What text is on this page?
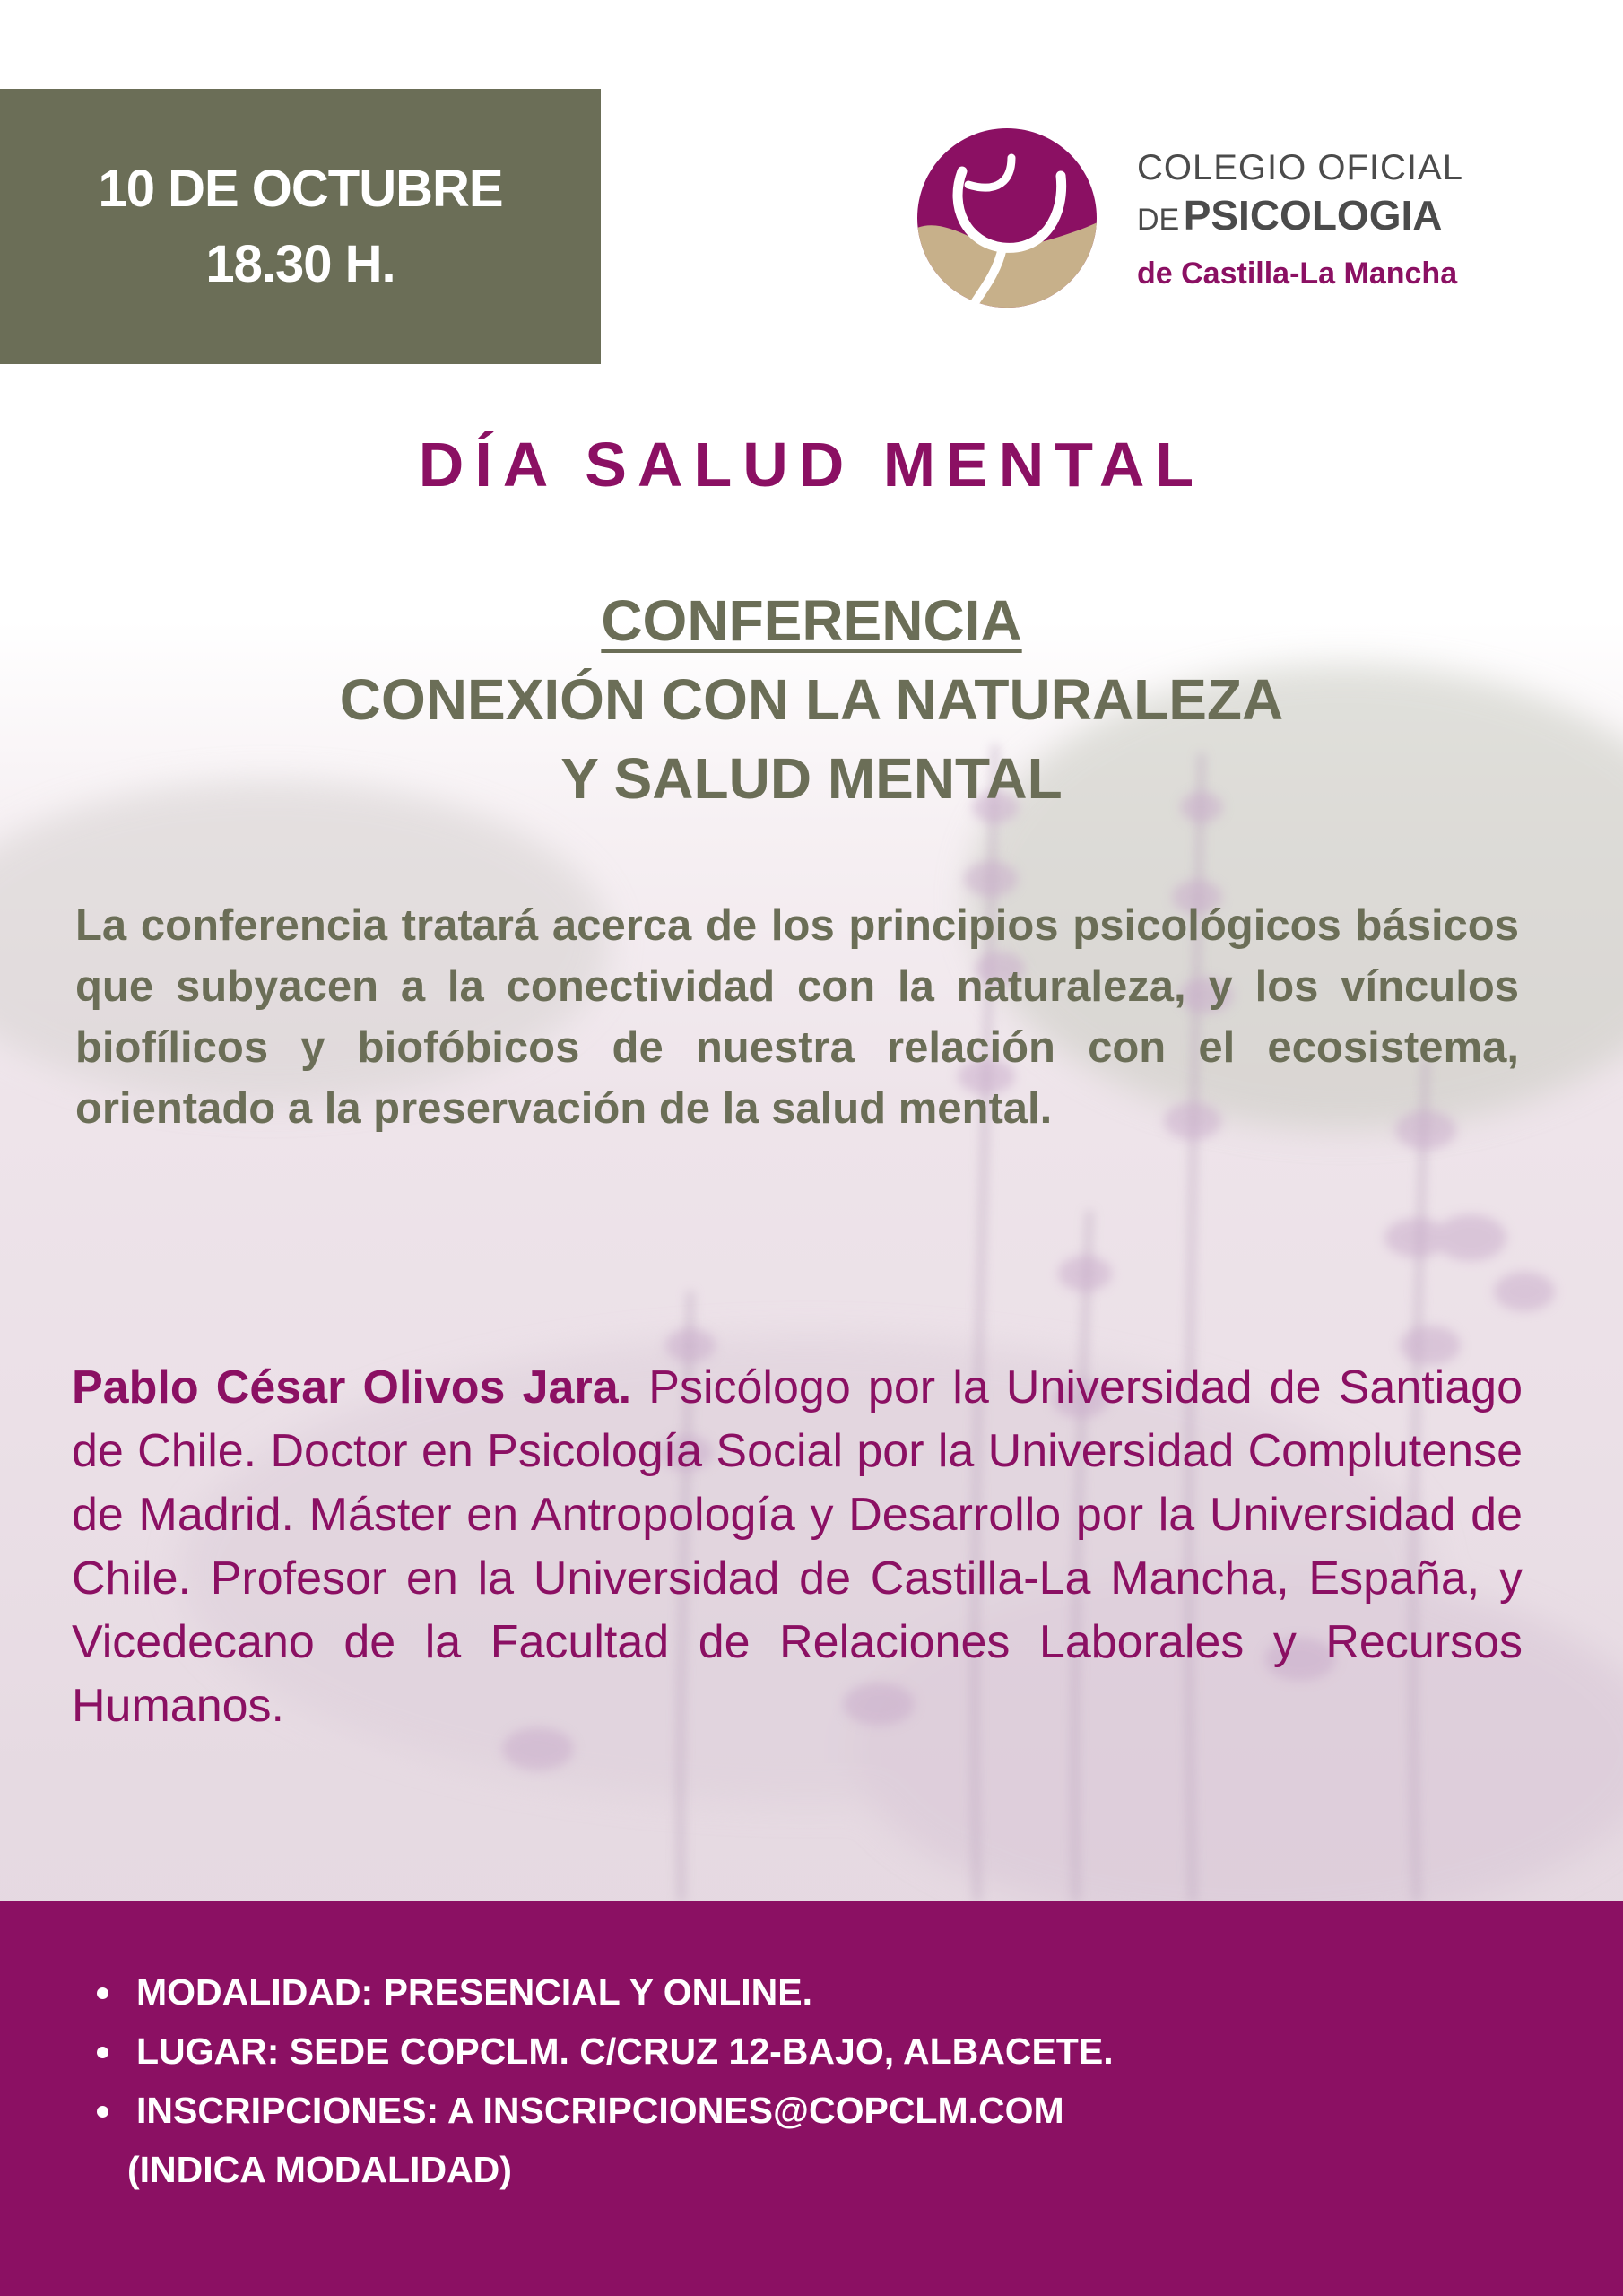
10 DE OCTUBRE
18.30 H.
COLEGIO OFICIAL
DE PSICOLOGIA
de Castilla-La Mancha
DÍA SALUD MENTAL
CONFERENCIA
CONEXIÓN CON LA NATURALEZA
Y SALUD MENTAL

La conferencia tratará acerca de los principios psicológicos básicos que subyacen a la conectividad con la naturaleza, y los vínculos biofílicos y biofóbicos de nuestra relación con el ecosistema, orientado a la preservación de la salud mental.

Pablo César Olivos Jara. Psicólogo por la Universidad de Santiago de Chile. Doctor en Psicología Social por la Universidad Complutense de Madrid. Máster en Antropología y Desarrollo por la Universidad de Chile. Profesor en la Universidad de Castilla-La Mancha, España, y Vicedecano de la Facultad de Relaciones Laborales y Recursos Humanos.

MODALIDAD: PRESENCIAL Y ONLINE.
LUGAR: SEDE COPCLM. C/CRUZ 12-BAJO, ALBACETE.
INSCRIPCIONES: A INSCRIPCIONES@COPCLM.COM
(INDICA MODALIDAD)
